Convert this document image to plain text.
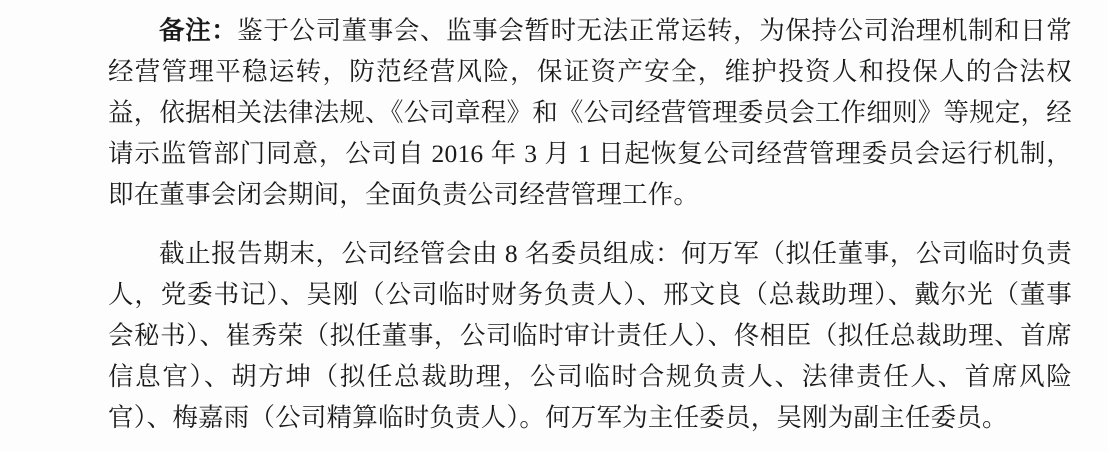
备注：鉴于公司董事会、监事会暂时无法正常运转，为保持公司治理机制和日常经营管理平稳运转，防范经营风险，保证资产安全，维护投资人和投保人的合法权益，依据相关法律法规、《公司章程》和《公司经营管理委员会工作细则》等规定，经请示监管部门同意，公司自 2016 年 3 月 1 日起恢复公司经营管理委员会运行机制，即在董事会闭会期间，全面负责公司经营管理工作。

截止报告期末，公司经管会由 8 名委员组成：何万军（拟任董事，公司临时负责人，党委书记）、吴刚（公司临时财务负责人）、邢文良（总裁助理）、戴尔光（董事会秘书）、崔秀荣（拟任董事，公司临时审计责任人）、佟相臣（拟任总裁助理、首席信息官）、胡方坤（拟任总裁助理，公司临时合规负责人、法律责任人、首席风险官）、梅嘉雨（公司精算临时负责人）。何万军为主任委员，吴刚为副主任委员。
